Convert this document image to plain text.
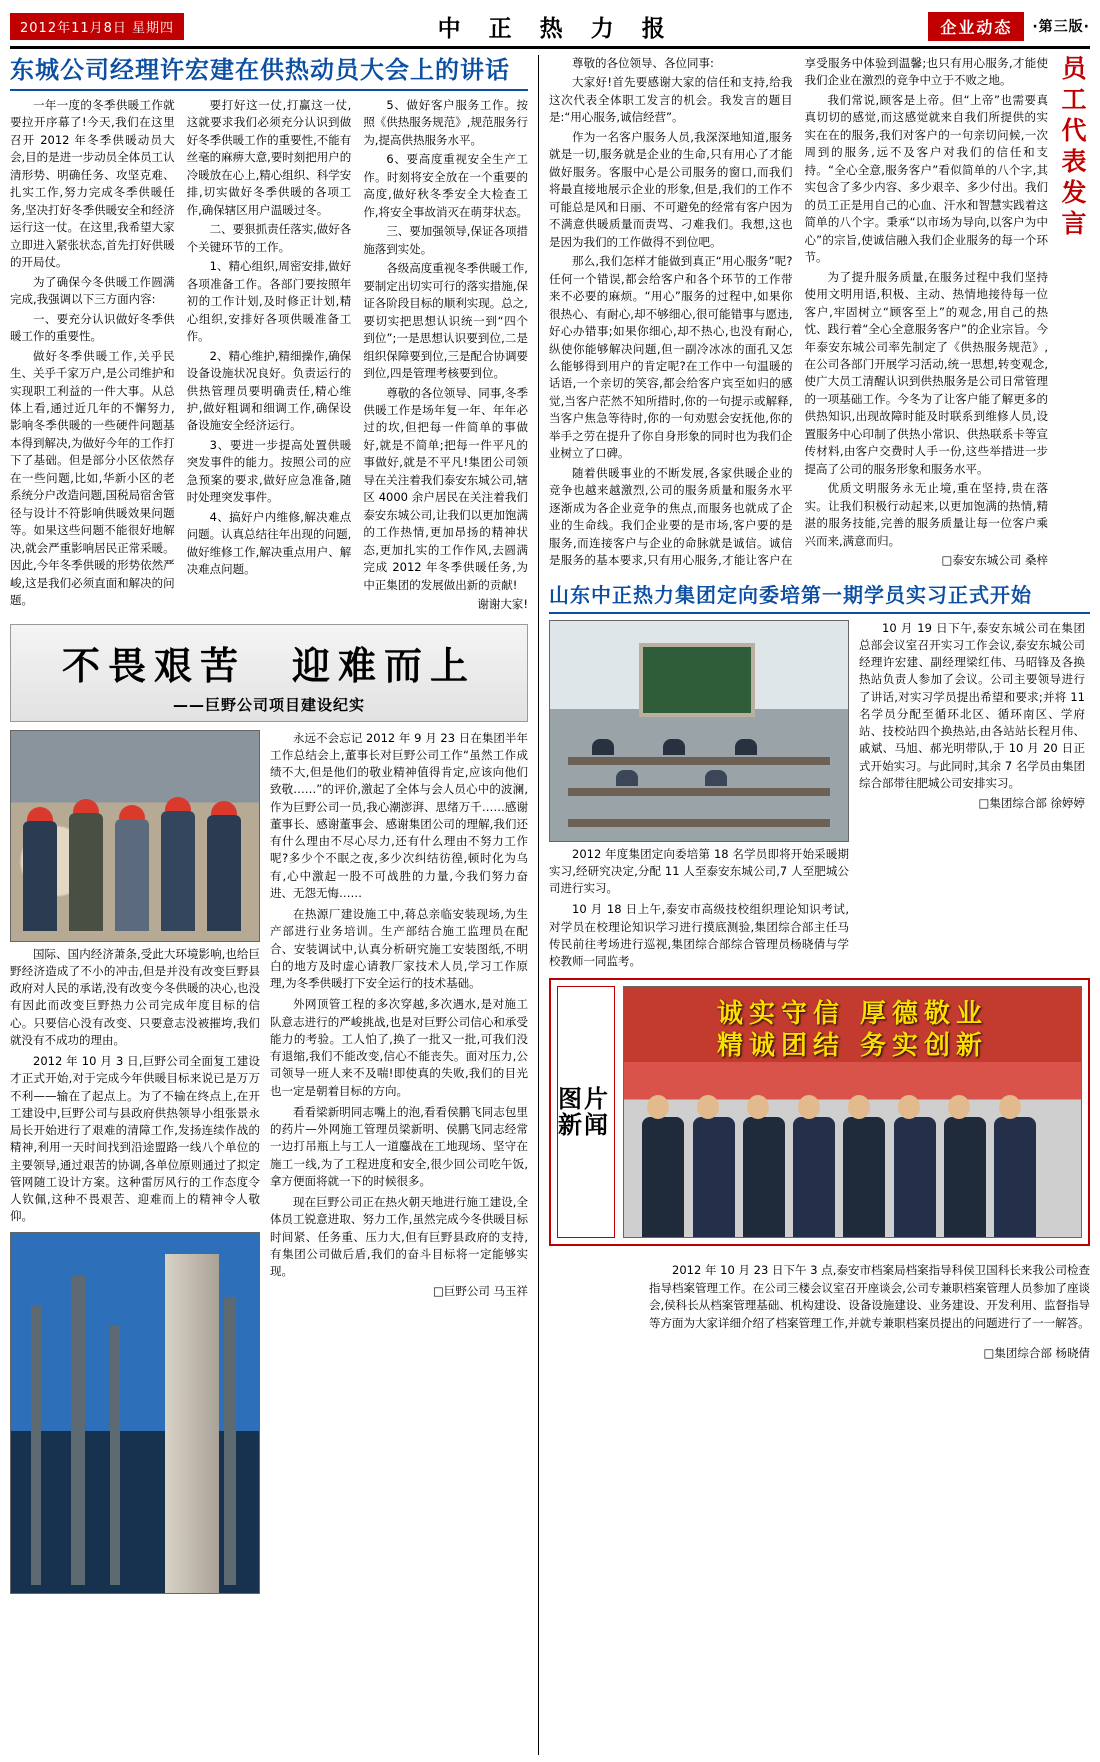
2012年11月8日 星期四	中 正 热 力 报	企业动态	·第三版·
东城公司经理许宏建在供热动员大会上的讲话

一年一度的冬季供暖工作就要拉开序幕了!今天,我们在这里召开 2012 年冬季供暖动员大会,目的是进一步动员全体员工认清形势、明确任务、攻坚克难、扎实工作,努力完成冬季供暖任务,坚决打好冬季供暖安全和经济运行这一仗。在这里,我希望大家立即进入紧张状态,首先打好供暖的开局仗。

为了确保今冬供暖工作圆满完成,我强调以下三方面内容:

一、要充分认识做好冬季供暖工作的重要性。

做好冬季供暖工作,关乎民生、关乎千家万户,是公司维护和实现职工利益的一件大事。从总体上看,通过近几年的不懈努力,影响冬季供暖的一些硬件问题基本得到解决,为做好今年的工作打下了基础。但是部分小区依然存在一些问题,比如,华新小区的老系统分户改造问题,国税局宿舍管径与设计不符影响供暖效果问题等。如果这些问题不能很好地解决,就会严重影响居民正常采暖。因此,今年冬季供暖的形势依然严峻,这是我们必须直面和解决的问题。

要打好这一仗,打赢这一仗,这就要求我们必须充分认识到做好冬季供暖工作的重要性,不能有丝毫的麻痹大意,要时刻把用户的冷暖放在心上,精心组织、科学安排,切实做好冬季供暖的各项工作,确保辖区用户温暖过冬。

二、要狠抓责任落实,做好各个关键环节的工作。

1、精心组织,周密安排,做好各项准备工作。各部门要按照年初的工作计划,及时修正计划,精心组织,安排好各项供暖准备工作。

2、精心维护,精细操作,确保设备设施状况良好。负责运行的供热管理员要明确责任,精心维护,做好粗调和细调工作,确保设备设施安全经济运行。

3、要进一步提高处置供暖突发事件的能力。按照公司的应急预案的要求,做好应急准备,随时处理突发事件。

4、搞好户内维修,解决难点问题。认真总结往年出现的问题,做好维修工作,解决重点用户、解决难点问题。

5、做好客户服务工作。按照《供热服务规范》,规范服务行为,提高供热服务水平。

6、要高度重视安全生产工作。时刻将安全放在一个重要的高度,做好秋冬季安全大检查工作,将安全事故消灭在萌芽状态。

三、要加强领导,保证各项措施落到实处。

各级高度重视冬季供暖工作,要制定出切实可行的落实措施,保证各阶段目标的顺利实现。总之,要切实把思想认识统一到“四个到位”;一是思想认识要到位,二是组织保障要到位,三是配合协调要到位,四是管理考核要到位。

尊敬的各位领导、同事,冬季供暖工作是场年复一年、年年必过的坎,但把每一件简单的事做好,就是不简单;把每一件平凡的事做好,就是不平凡!集团公司领导在关注着我们泰安东城公司,辖区 4000 余户居民在关注着我们泰安东城公司,让我们以更加饱满的工作热情,更加昂扬的精神状态,更加扎实的工作作风,去圆满完成 2012 年冬季供暖任务,为中正集团的发展做出新的贡献!

谢谢大家!

不畏艰苦　迎难而上
——巨野公司项目建设纪实

国际、国内经济萧条,受此大环境影响,也给巨野经济造成了不小的冲击,但是并没有改变巨野县政府对人民的承诺,没有改变今冬供暖的决心,也没有因此而改变巨野热力公司完成年度目标的信心。只要信心没有改变、只要意志没被摧垮,我们就没有不成功的理由。

2012 年 10 月 3 日,巨野公司全面复工建设才正式开始,对于完成今年供暖目标来说已是万万不利——输在了起点上。为了不输在终点上,在开工建设中,巨野公司与县政府供热领导小组张景永局长开始进行了艰难的清障工作,发扬连续作战的精神,利用一天时间找到沿途盟路一线八个单位的主要领导,通过艰苦的协调,各单位原则通过了拟定管网随工设计方案。这种雷厉风行的工作态度令人钦佩,这种不畏艰苦、迎难而上的精神令人敬仰。

永远不会忘记 2012 年 9 月 23 日在集团半年工作总结会上,董事长对巨野公司工作“虽然工作成绩不大,但是他们的敬业精神值得肯定,应该向他们致敬……”的评价,激起了全体与会人员心中的波澜,作为巨野公司一员,我心潮澎湃、思绪万千……感谢董事长、感谢董事会、感谢集团公司的理解,我们还有什么理由不尽心尽力,还有什么理由不努力工作呢?多少个不眠之夜,多少次纠结彷徨,顿时化为乌有,心中激起一股不可战胜的力量,今我们努力奋进、无怨无悔……

在热源厂建设施工中,蒋总亲临安装现场,为生产部进行业务培训。生产部结合施工监理员在配合、安装调试中,认真分析研究施工安装图纸,不明白的地方及时虚心请教厂家技术人员,学习工作原理,为冬季供暖打下安全运行的技术基础。

外网顶管工程的多次穿越,多次遇水,是对施工队意志进行的严峻挑战,也是对巨野公司信心和承受能力的考验。工人怕了,换了一批又一批,可我们没有退缩,我们不能改变,信心不能丧失。面对压力,公司领导一班人来不及喘!即使真的失败,我们的目光也一定是朝着目标的方向。

看看梁新明同志嘴上的泡,看看侯鹏飞同志包里的药片—外网施工管理员梁新明、侯鹏飞同志经常一边打吊瓶上与工人一道鏖战在工地现场、坚守在施工一线,为了工程进度和安全,很少回公司吃午饭,拿方便面将就一下的时候很多。

现在巨野公司正在热火朝天地进行施工建设,全体员工锐意进取、努力工作,虽然完成今冬供暖目标时间紧、任务重、压力大,但有巨野县政府的支持,有集团公司做后盾,我们的奋斗目标将一定能够实现。

□巨野公司 马玉祥
员工代表发言

尊敬的各位领导、各位同事:

大家好!首先要感谢大家的信任和支持,给我这次代表全体职工发言的机会。我发言的题目是:“用心服务,诚信经营”。

作为一名客户服务人员,我深深地知道,服务就是一切,服务就是企业的生命,只有用心了才能做好服务。客服中心是公司服务的窗口,而我们将最直接地展示企业的形象,但是,我们的工作不可能总是风和日丽、不可避免的经常有客户因为不满意供暖质量而责骂、刁难我们。我想,这也是因为我们的工作做得不到位吧。

那么,我们怎样才能做到真正“用心服务”呢?任何一个错误,都会给客户和各个环节的工作带来不必要的麻烦。“用心”服务的过程中,如果你很热心、有耐心,却不够细心,很可能错事与愿违,好心办错事;如果你细心,却不热心,也没有耐心,纵使你能够解决问题,但一副冷冰冰的面孔又怎么能够得到用户的肯定呢?在工作中一句温暖的话语,一个亲切的笑容,都会给客户宾至如归的感觉,当客户茫然不知所措时,你的一句提示或解释,当客户焦急等待时,你的一句劝慰会安抚他,你的举手之劳在提升了你自身形象的同时也为我们企业树立了口碑。

随着供暖事业的不断发展,各家供暖企业的竞争也越来越激烈,公司的服务质量和服务水平逐渐成为各企业竞争的焦点,而服务也就成了企业的生命线。我们企业要的是市场,客户要的是服务,而连接客户与企业的命脉就是诚信。诚信是服务的基本要求,只有用心服务,才能让客户在享受服务中体验到温馨;也只有用心服务,才能使我们企业在激烈的竞争中立于不败之地。

我们常说,顾客是上帝。但“上帝”也需要真真切切的感觉,而这感觉就来自我们所提供的实实在在的服务,我们对客户的一句亲切问候,一次周到的服务,远不及客户对我们的信任和支持。“全心全意,服务客户”看似简单的八个字,其实包含了多少内容、多少艰辛、多少付出。我们的员工正是用自己的心血、汗水和智慧实践着这简单的八个字。秉承“以市场为导向,以客户为中心”的宗旨,使诚信融入我们企业服务的每一个环节。

为了提升服务质量,在服务过程中我们坚持使用文明用语,积极、主动、热情地接待每一位客户,牢固树立“顾客至上”的观念,用自己的热忱、践行着“全心全意服务客户”的企业宗旨。今年泰安东城公司率先制定了《供热服务规范》,在公司各部门开展学习活动,统一思想,转变观念,使广大员工清醒认识到供热服务是公司日常管理的一项基础工作。今冬为了让客户能了解更多的供热知识,出现故障时能及时联系到维修人员,设置服务中心印制了供热小常识、供热联系卡等宣传材料,由客户交费时人手一份,这些举措进一步提高了公司的服务形象和服务水平。

优质文明服务永无止境,重在坚持,贵在落实。让我们积极行动起来,以更加饱满的热情,精湛的服务技能,完善的服务质量让每一位客户乘兴而来,满意而归。

□泰安东城公司 桑梓

山东中正热力集团定向委培第一期学员实习正式开始

2012 年度集团定向委培第 18 名学员即将开始采暖期实习,经研究决定,分配 11 人至泰安东城公司,7 人至肥城公司进行实习。

10 月 18 日上午,泰安市高级技校组织理论知识考试,对学员在校理论知识学习进行摸底测验,集团综合部主任马传民前往考场进行巡视,集团综合部综合管理员杨晓倩与学校教师一同监考。

10 月 19 日下午,泰安东城公司在集团总部会议室召开实习工作会议,泰安东城公司经理许宏建、副经理梁红伟、马昭锋及各换热站负责人参加了会议。公司主要领导进行了讲话,对实习学员提出希望和要求;并将 11 名学员分配至循环北区、循环南区、学府站、技校站四个换热站,由各站站长程月伟、戚斌、马旭、郝光明带队,于 10 月 20 日正式开始实习。与此同时,其余 7 名学员由集团综合部带往肥城公司安排实习。

□集团综合部 徐婷婷
图片新闻
诚实守信 厚德敬业
精诚团结 务实创新

2012 年 10 月 23 日下午 3 点,泰安市档案局档案指导科侯卫国科长来我公司检查指导档案管理工作。在公司三楼会议室召开座谈会,公司专兼职档案管理人员参加了座谈会,侯科长从档案管理基础、机构建设、设备设施建设、业务建设、开发利用、监督指导等方面为大家详细介绍了档案管理工作,并就专兼职档案员提出的问题进行了一一解答。

□集团综合部 杨晓倩
